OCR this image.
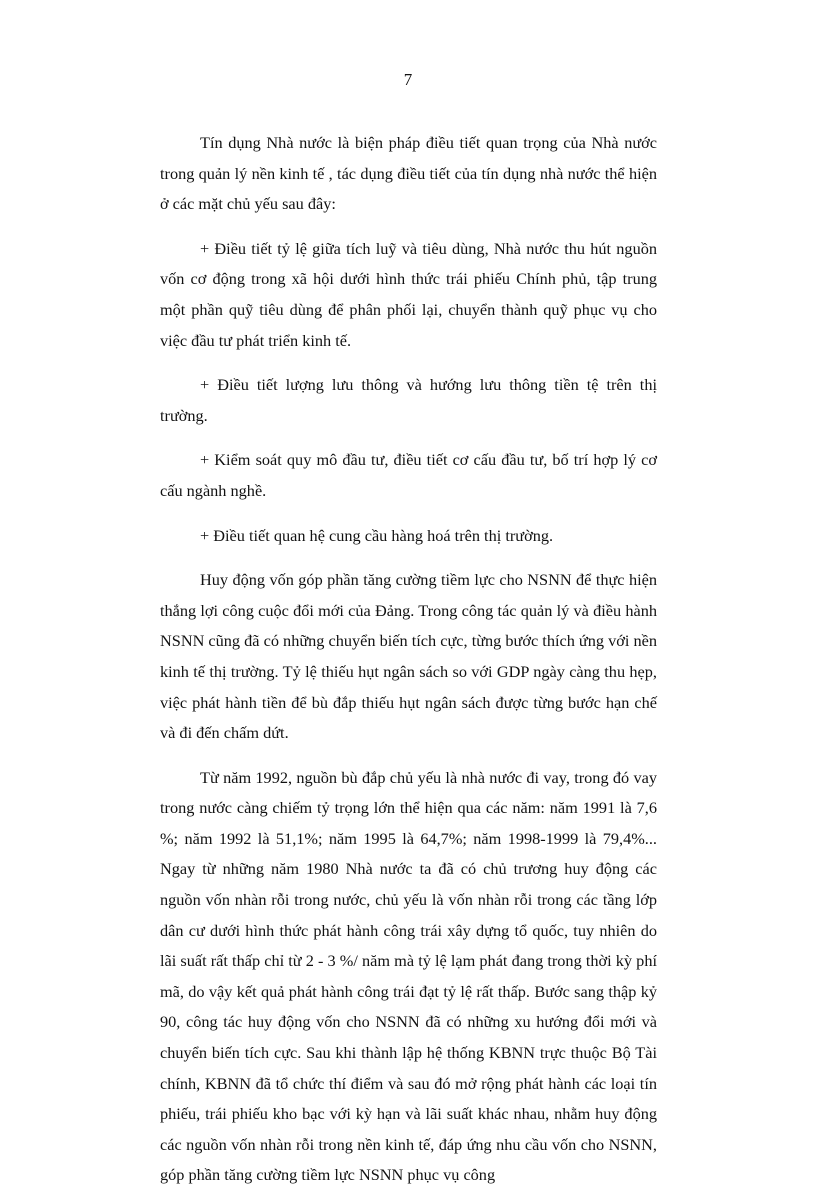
7

Tín dụng Nhà nước là biện pháp điều tiết quan trọng của Nhà nước trong quản lý nền kinh tế , tác dụng điều tiết của tín dụng nhà nước thể hiện ở các mặt chủ yếu sau đây:

+ Điều tiết tỷ lệ giữa tích luỹ và tiêu dùng, Nhà nước thu hút nguồn vốn cơ động trong xã hội dưới hình thức trái phiếu Chính phủ, tập trung một phần quỹ tiêu dùng để phân phối lại, chuyển thành quỹ phục vụ cho việc đầu tư phát triển kinh tế.

+ Điều tiết lượng lưu thông và hướng lưu thông tiền tệ trên thị trường.

+ Kiểm soát quy mô đầu tư, điều tiết cơ cấu đầu tư, bố trí hợp lý cơ cấu ngành nghề.

+ Điều tiết quan hệ cung cầu hàng hoá trên thị trường.

Huy động vốn góp phần tăng cường tiềm lực cho NSNN để thực hiện thắng lợi công cuộc đổi mới của Đảng. Trong công tác quản lý và điều hành NSNN cũng đã có những chuyển biến tích cực, từng bước thích ứng với nền kinh tế thị trường. Tỷ lệ thiếu hụt ngân sách so với GDP ngày càng thu hẹp, việc phát hành tiền để bù đắp thiếu hụt ngân sách được từng bước hạn chế và đi đến chấm dứt.

Từ năm 1992, nguồn bù đắp chủ yếu là nhà nước đi vay, trong đó vay trong nước càng chiếm tỷ trọng lớn thể hiện qua các năm: năm 1991 là 7,6 %; năm 1992 là 51,1%; năm 1995 là 64,7%; năm 1998-1999 là 79,4%... Ngay từ những năm 1980 Nhà nước ta đã có chủ trương huy động các nguồn vốn nhàn rỗi trong nước, chủ yếu là vốn nhàn rỗi trong các tầng lớp dân cư dưới hình thức phát hành công trái xây dựng tổ quốc, tuy nhiên do lãi suất rất thấp chỉ từ 2 - 3 %/ năm mà tỷ lệ lạm phát đang trong thời kỳ phí mã, do vậy kết quả phát hành công trái đạt tỷ lệ rất thấp. Bước sang thập kỷ 90, công tác huy động vốn cho NSNN đã có những xu hướng đổi mới và chuyển biến tích cực. Sau khi thành lập hệ thống KBNN trực thuộc Bộ Tài chính, KBNN đã tổ chức thí điểm và sau đó mở rộng phát hành các loại tín phiếu, trái phiếu kho bạc với kỳ hạn và lãi suất khác nhau, nhằm huy động các nguồn vốn nhàn rỗi trong nền kinh tế, đáp ứng nhu cầu vốn cho NSNN, góp phần tăng cường tiềm lực NSNN phục vụ công
